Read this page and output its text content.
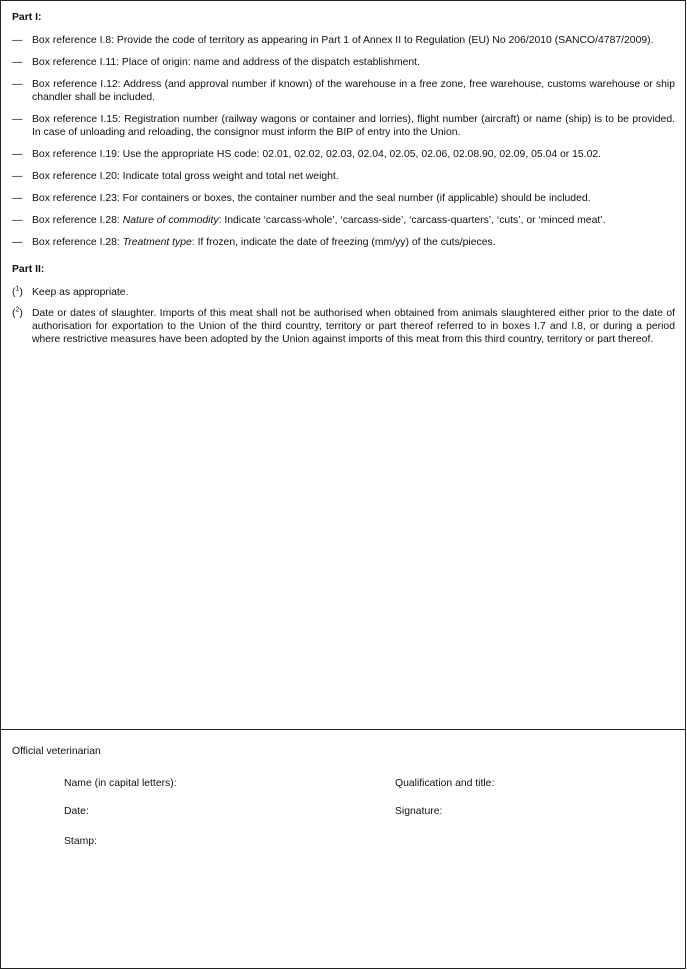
Part I:
— Box reference I.8: Provide the code of territory as appearing in Part 1 of Annex II to Regulation (EU) No 206/2010 (SANCO/4787/2009).
— Box reference I.11: Place of origin: name and address of the dispatch establishment.
— Box reference I.12: Address (and approval number if known) of the warehouse in a free zone, free warehouse, customs warehouse or ship chandler shall be included.
— Box reference I.15: Registration number (railway wagons or container and lorries), flight number (aircraft) or name (ship) is to be provided. In case of unloading and reloading, the consignor must inform the BIP of entry into the Union.
— Box reference I.19: Use the appropriate HS code: 02.01, 02.02, 02.03, 02.04, 02.05, 02.06, 02.08.90, 02.09, 05.04 or 15.02.
— Box reference I.20: Indicate total gross weight and total net weight.
— Box reference I.23: For containers or boxes, the container number and the seal number (if applicable) should be included.
— Box reference I.28: Nature of commodity: Indicate ‘carcass-whole’, ‘carcass-side’, ‘carcass-quarters’, ‘cuts’, or ‘minced meat’.
— Box reference I.28: Treatment type: If frozen, indicate the date of freezing (mm/yy) of the cuts/pieces.
Part II:
($^1$) Keep as appropriate.
($^2$) Date or dates of slaughter. Imports of this meat shall not be authorised when obtained from animals slaughtered either prior to the date of authorisation for exportation to the Union of the third country, territory or part thereof referred to in boxes I.7 and I.8, or during a period where restrictive measures have been adopted by the Union against imports of this meat from this third country, territory or part thereof.
Official veterinarian
Name (in capital letters):	Qualification and title:
Date:	Signature:
Stamp:
